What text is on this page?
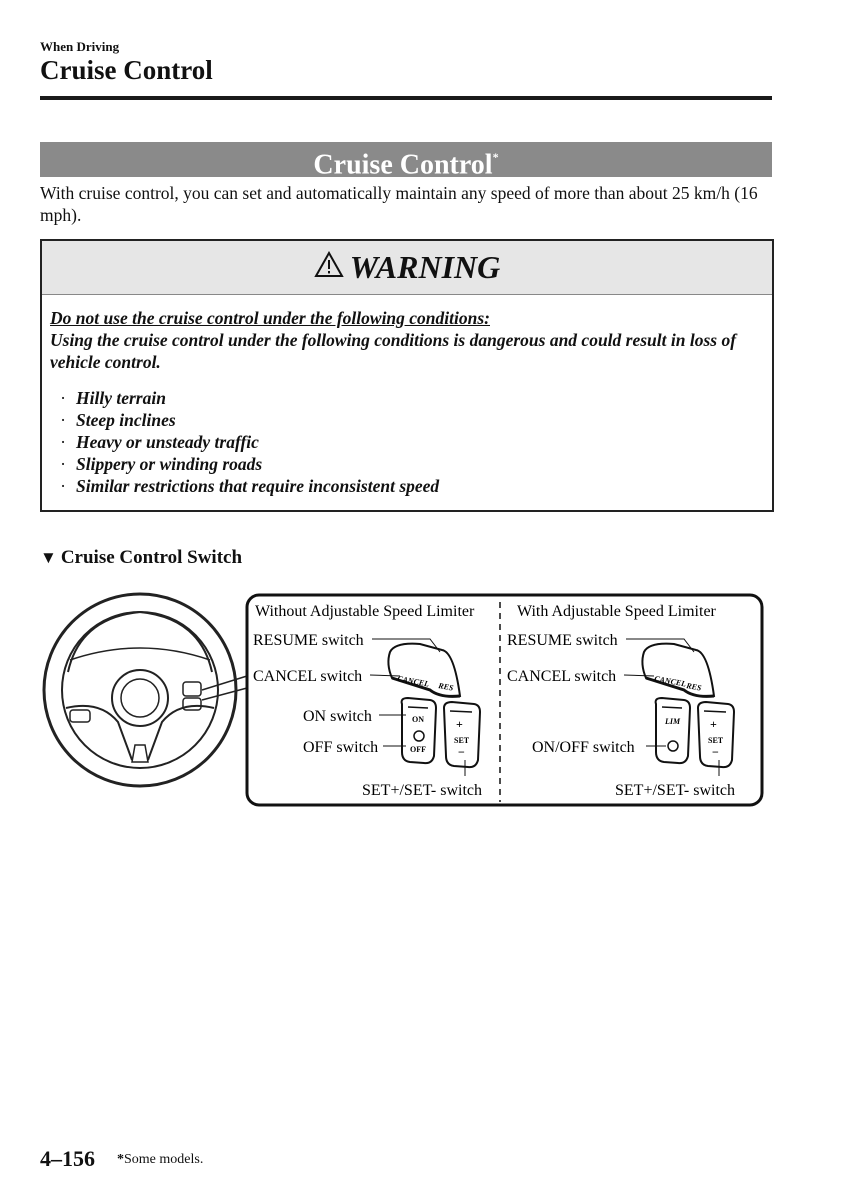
When Driving
Cruise Control
Cruise Control*
With cruise control, you can set and automatically maintain any speed of more than about 25 km/h (16 mph).
WARNING
Do not use the cruise control under the following conditions:
Using the cruise control under the following conditions is dangerous and could result in loss of vehicle control.
· Hilly terrain
· Steep inclines
· Heavy or unsteady traffic
· Slippery or winding roads
· Similar restrictions that require inconsistent speed
▼ Cruise Control Switch
Without Adjustable Speed Limiter
RESUME switch
CANCEL switch
ON switch
OFF switch
SET+/SET- switch
CANCEL RES
ON
OFF
+
SET
−
With Adjustable Speed Limiter
RESUME switch
CANCEL switch
ON/OFF switch
SET+/SET- switch
CANCEL
RES
LIM +
SET
−
4–156 *Some models.
